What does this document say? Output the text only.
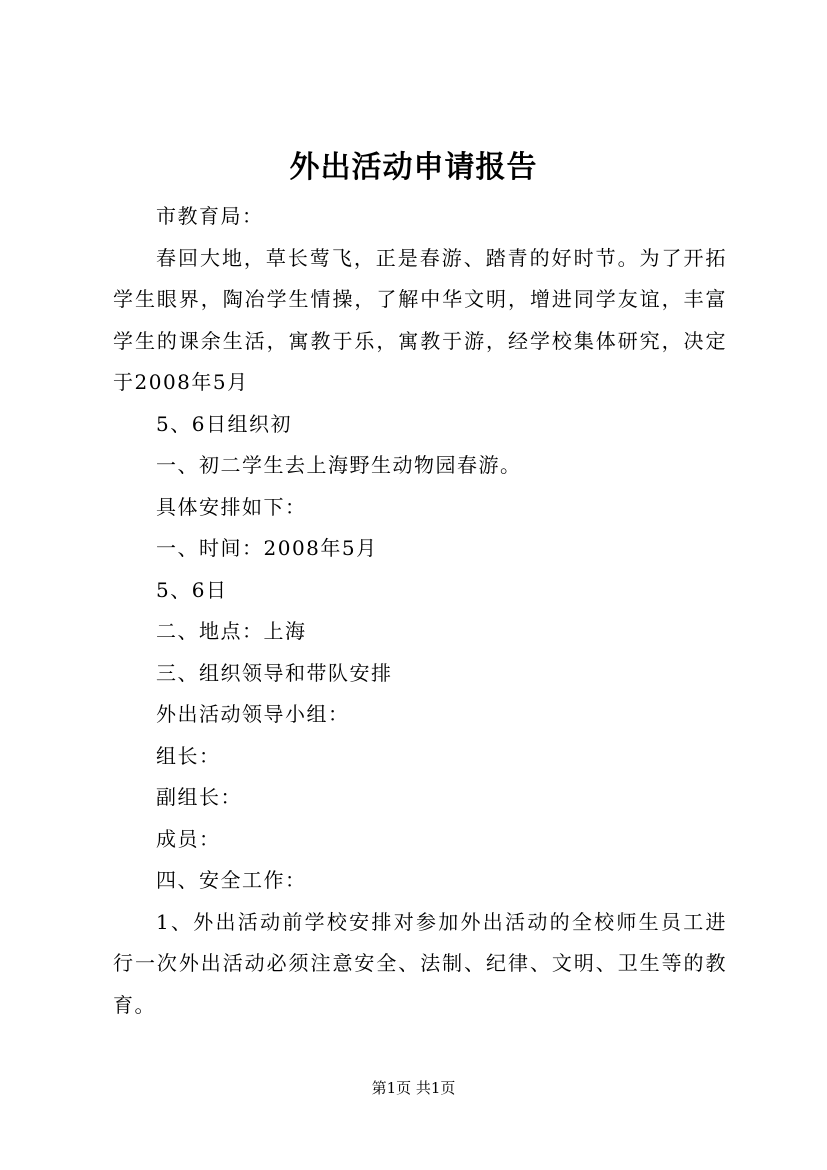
外出活动申请报告

市教育局：

春回大地，草长莺飞，正是春游、踏青的好时节。为了开拓学生眼界，陶冶学生情操，了解中华文明，增进同学友谊，丰富学生的课余生活，寓教于乐，寓教于游，经学校集体研究，决定于2008年5月

5、6日组织初

一、初二学生去上海野生动物园春游。

具体安排如下：

一、时间：2008年5月

5、6日

二、地点：上海

三、组织领导和带队安排

外出活动领导小组：

组长：

副组长：

成员：

四、安全工作：

1、外出活动前学校安排对参加外出活动的全校师生员工进行一次外出活动必须注意安全、法制、纪律、文明、卫生等的教育。

第1页 共1页
